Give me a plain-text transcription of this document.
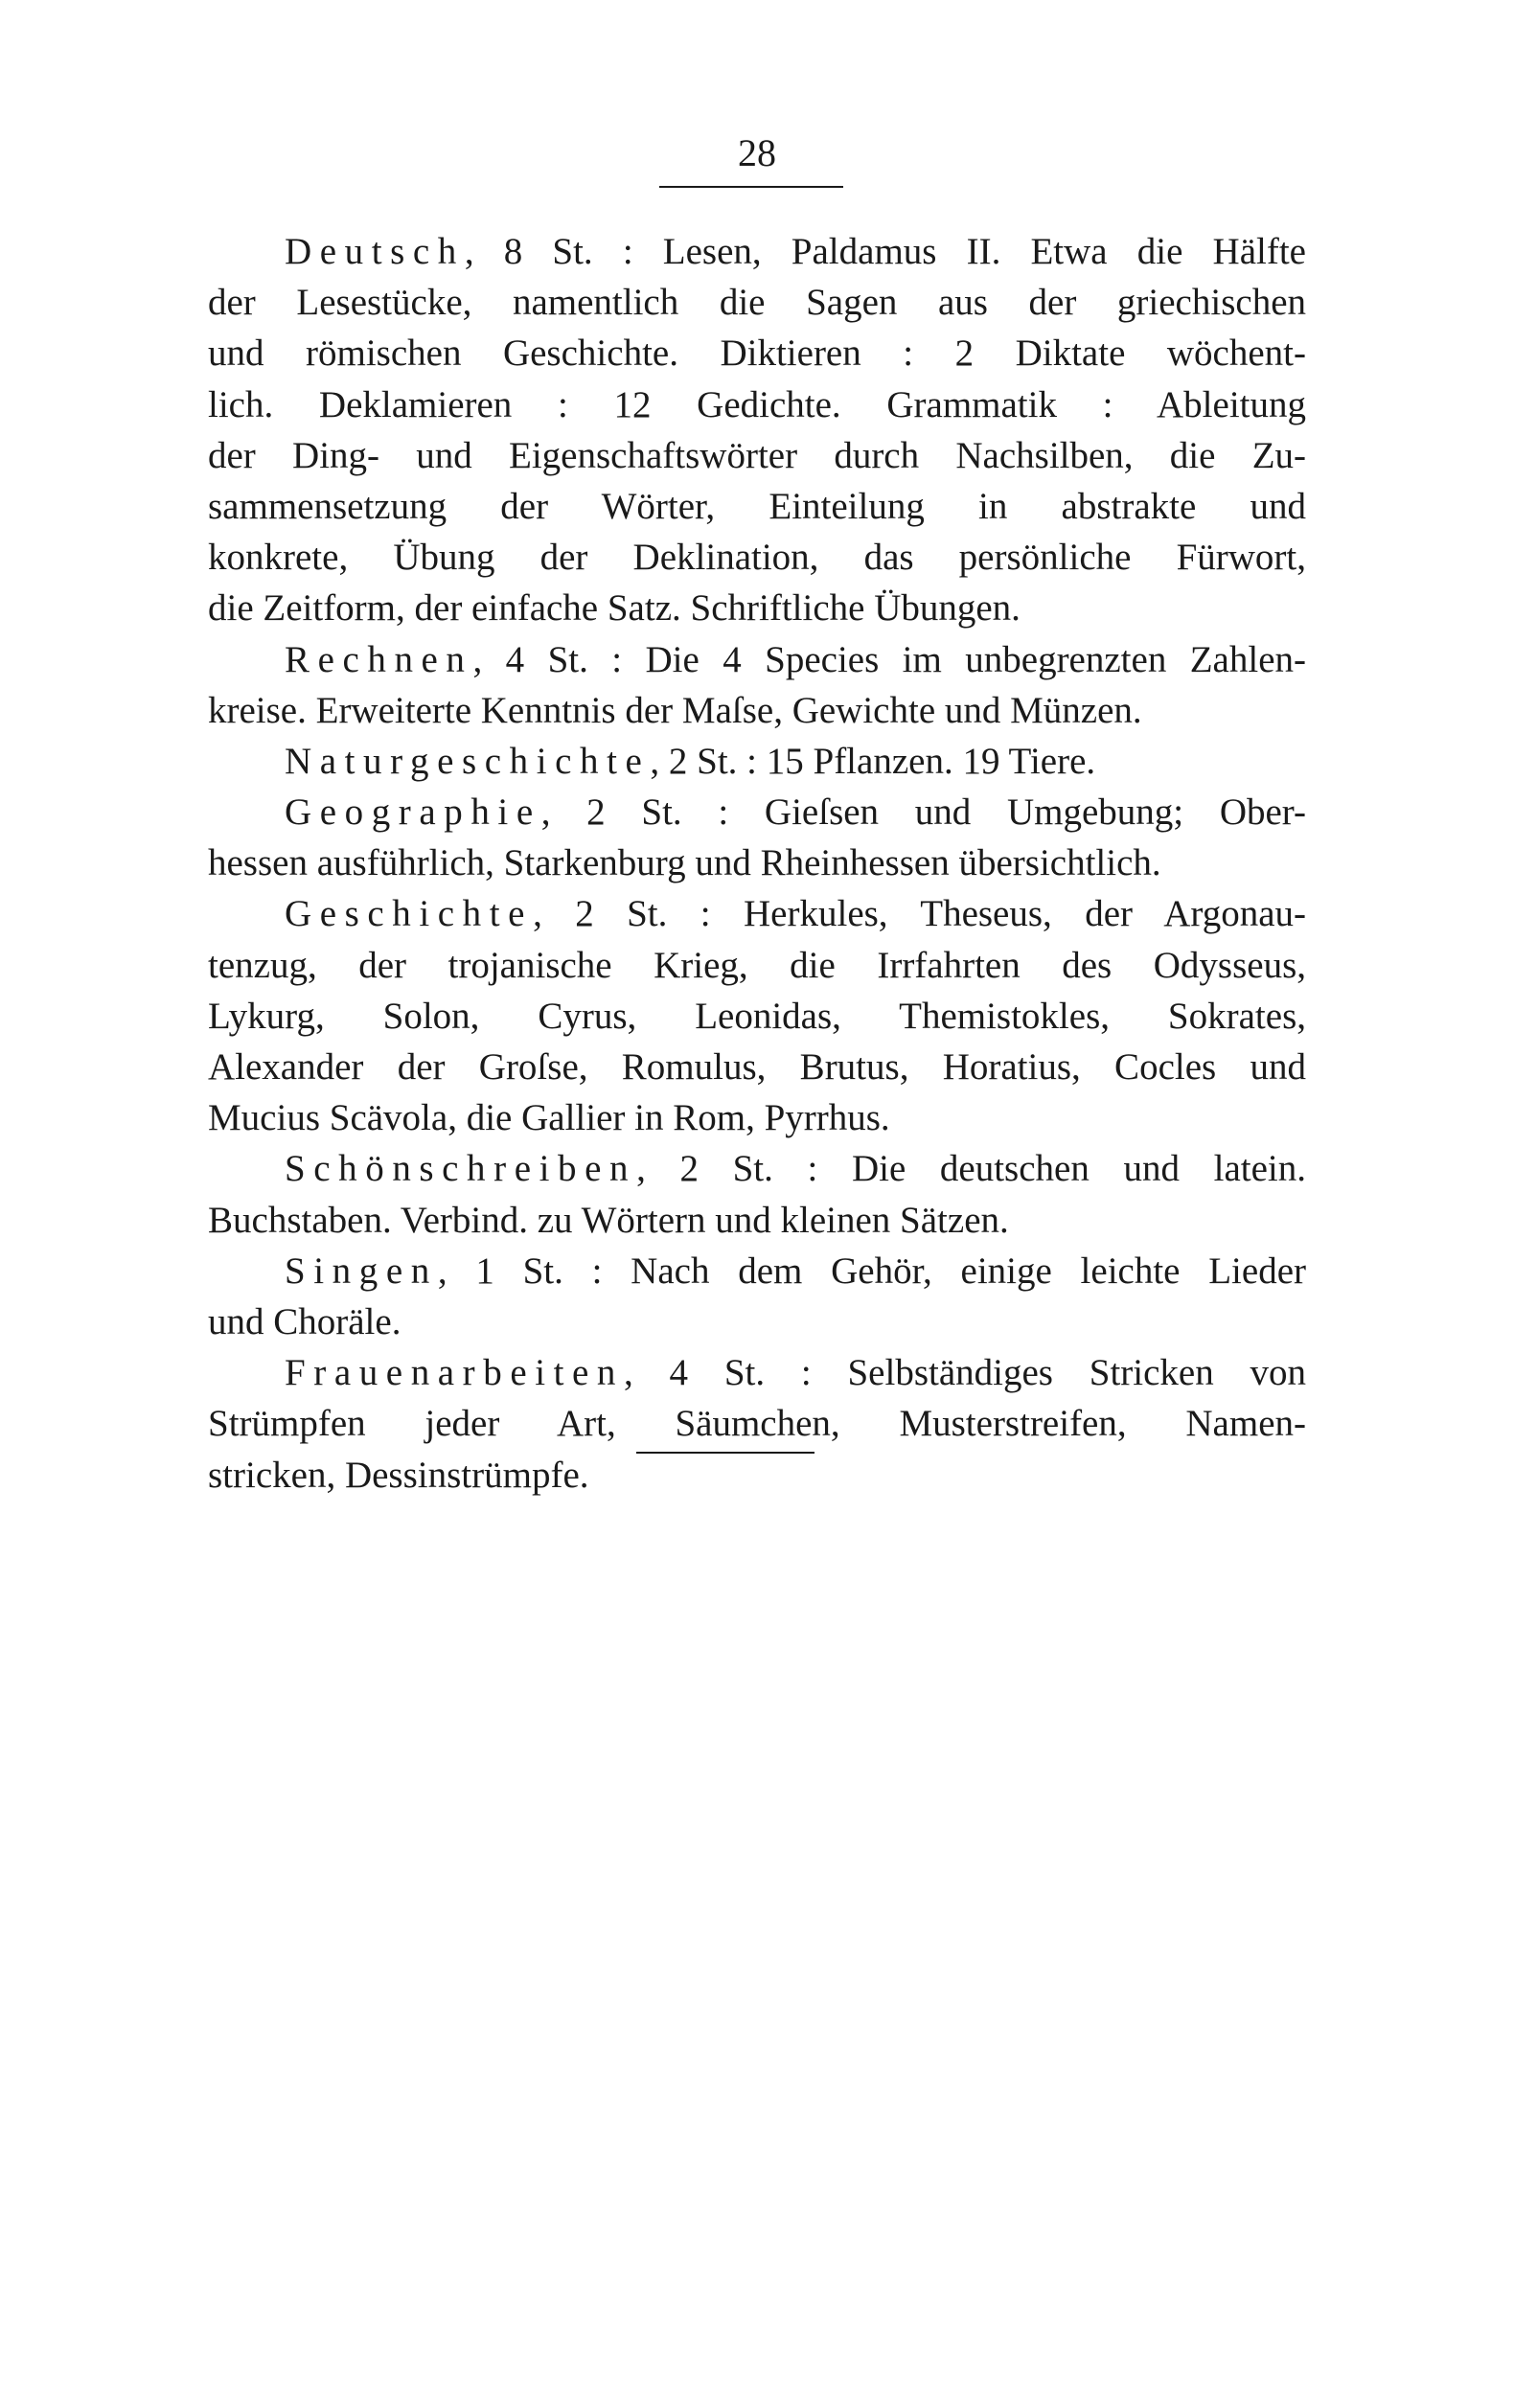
28
Deutsch, 8 St. : Lesen, Paldamus II. Etwa die Hälfte
der Lesestücke, namentlich die Sagen aus der griechischen
und römischen Geschichte. Diktieren : 2 Diktate wöchent-
lich. Deklamieren : 12 Gedichte. Grammatik : Ableitung
der Ding- und Eigenschaftswörter durch Nachsilben, die Zu-
sammensetzung der Wörter, Einteilung in abstrakte und
konkrete, Übung der Deklination, das persönliche Fürwort,
die Zeitform, der einfache Satz. Schriftliche Übungen.
Rechnen, 4 St. : Die 4 Species im unbegrenzten Zahlen-
kreise. Erweiterte Kenntnis der Maſse, Gewichte und Münzen.
Naturgeschichte, 2 St. : 15 Pflanzen. 19 Tiere.
Geographie, 2 St. : Gieſsen und Umgebung; Ober-
hessen ausführlich, Starkenburg und Rheinhessen übersichtlich.
Geschichte, 2 St. : Herkules, Theseus, der Argonau-
tenzug, der trojanische Krieg, die Irrfahrten des Odysseus,
Lykurg, Solon, Cyrus, Leonidas, Themistokles, Sokrates,
Alexander der Groſse, Romulus, Brutus, Horatius, Cocles und
Mucius Scävola, die Gallier in Rom, Pyrrhus.
Schönschreiben, 2 St. : Die deutschen und latein.
Buchstaben. Verbind. zu Wörtern und kleinen Sätzen.
Singen, 1 St. : Nach dem Gehör, einige leichte Lieder
und Choräle.
Frauenarbeiten, 4 St. : Selbständiges Stricken von
Strümpfen jeder Art, Säumchen, Musterstreifen, Namen-
stricken, Dessinstrümpfe.
